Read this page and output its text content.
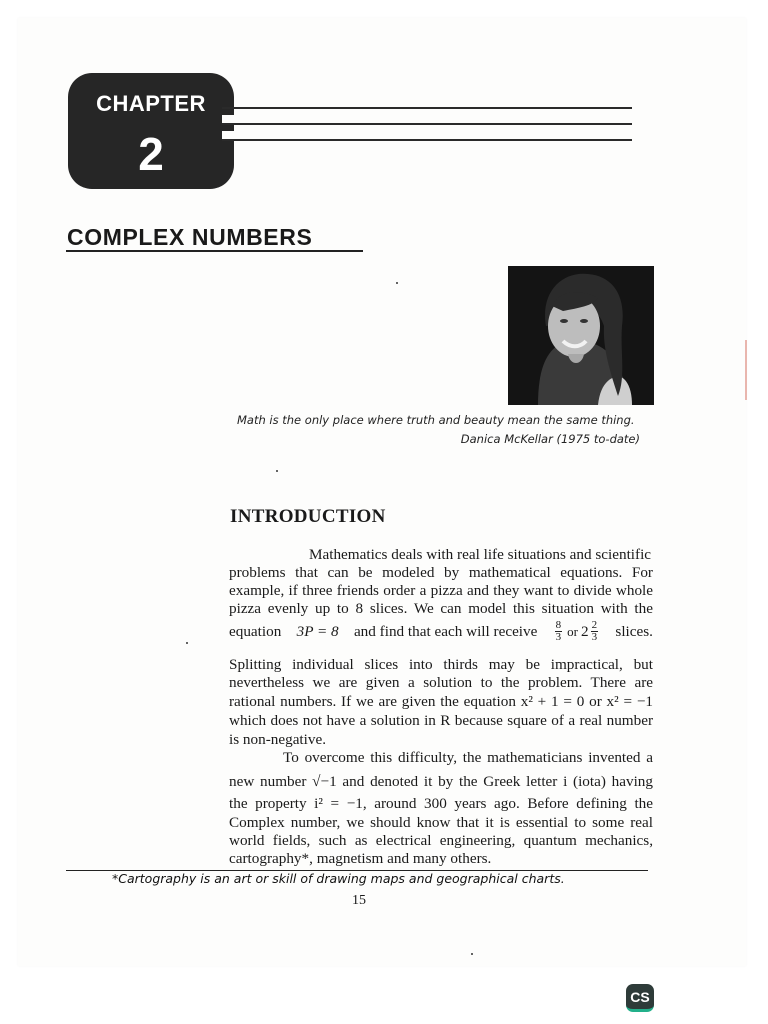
CHAPTER
2
COMPLEX NUMBERS
Math is the only place where truth and beauty mean the same thing.
Danica McKellar (1975 to-date)
INTRODUCTION
Mathematics deals with real life situations and scientific
problems that can be modeled by mathematical equations. For
example, if three friends order a pizza and they want to divide whole
pizza evenly up to 8 slices. We can model this situation with the
equation 3P = 8 and find that each will receive $\frac{8}{3}$ or $2 \frac{2}{3}$ slices.
Splitting individual slices into thirds may be impractical, but
nevertheless we are given a solution to the problem. There are
rational numbers. If we are given the equation x² + 1 = 0 or x² = −1
which does not have a solution in R because square of a real number
is non-negative.
To overcome this difficulty, the mathematicians invented a
new number √−1 and denoted it by the Greek letter i (iota) having
the property i² = −1, around 300 years ago. Before defining the
Complex number, we should know that it is essential to some real
world fields, such as electrical engineering, quantum mechanics,
cartography*, magnetism and many others.
*Cartography is an art or skill of drawing maps and geographical charts.
15
CS
